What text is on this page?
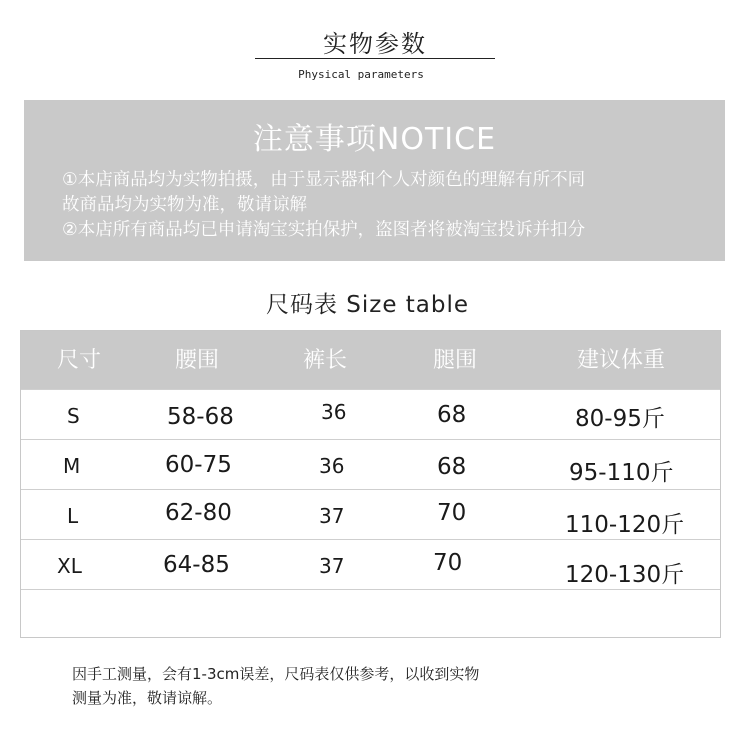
实物参数
Physical parameters
注意事项NOTICE
①本店商品均为实物拍摄，由于显示器和个人对颜色的理解有所不同
故商品均为实物为准，敬请谅解
②本店所有商品均已申请淘宝实拍保护，盗图者将被淘宝投诉并扣分
尺码表 Size table
尺寸	腰围	裤长	腿围	建议体重
S	58-68	36	68	80-95斤
M	60-75	36	68	95-110斤
L	62-80	37	70	110-120斤
XL	64-85	37	70	120-130斤
因手工测量，会有1-3cm误差，尺码表仅供参考，以收到实物
测量为准，敬请谅解。
